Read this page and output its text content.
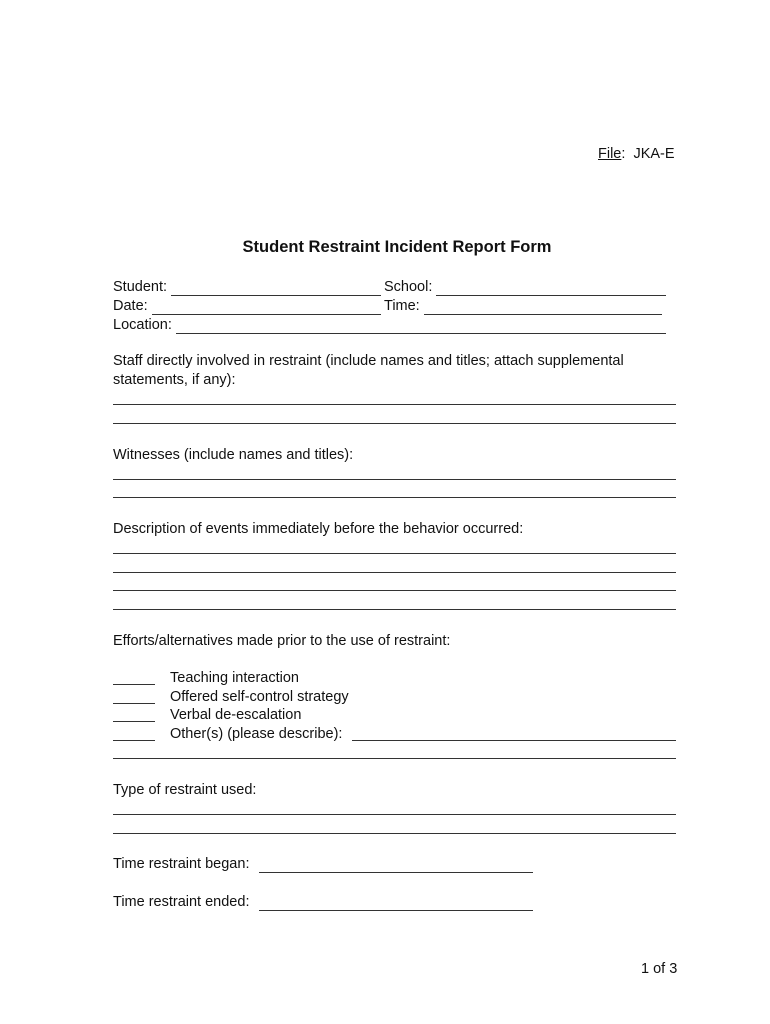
File: JKA-E
Student Restraint Incident Report Form
Student:	School:
Date:	Time:
Location:
Staff directly involved in restraint (include names and titles; attach supplemental
statements, if any):
Witnesses (include names and titles):
Description of events immediately before the behavior occurred:
Efforts/alternatives made prior to the use of restraint:
Teaching interaction
Offered self-control strategy
Verbal de-escalation
Other(s) (please describe):
Type of restraint used:
Time restraint began:
Time restraint ended:
1 of 3
